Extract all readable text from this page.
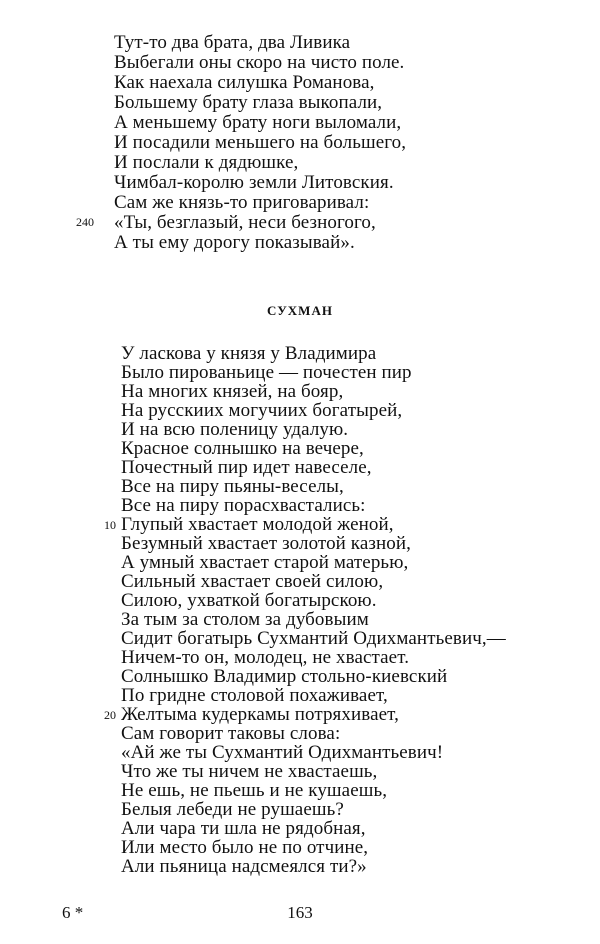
Тут-то два брата, два Ливика
Выбегали оны скоро на чисто поле.
Как наехала силушка Романова,
Большему брату глаза выкопали,
А меньшему брату ноги выломали,
И посадили меньшего на большего,
И послали к дядюшке,
Чимбал-королю земли Литовския.
Сам же князь-то приговаривал:
240 «Ты, безглазый, неси безногого,
А ты ему дорогу показывай».
СУХМАН
У ласкова у князя у Владимира
Было пированьице — почестен пир
На многих князей, на бояр,
На русскиих могучиих богатырей,
И на всю поленицу удалую.
Красное солнышко на вечере,
Почестный пир идет навеселе,
Все на пиру пьяны-веселы,
Все на пиру порасхвастались:
10 Глупый хвастает молодой женой,
Безумный хвастает золотой казной,
А умный хвастает старой матерью,
Сильный хвастает своей силою,
Силою, ухваткой богатырскою.
За тым за столом за дубовыим
Сидит богатырь Сухмантий Одихмантьевич,—
Ничем-то он, молодец, не хвастает.
Солнышко Владимир стольно-киевский
По гридне столовой похаживает,
20 Желтыма кудеркамы потряхивает,
Сам говорит таковы слова:
«Ай же ты Сухмантий Одихмантьевич!
Что же ты ничем не хвастаешь,
Не ешь, не пьешь и не кушаешь,
Белыя лебеди не рушаешь?
Али чара ти шла не рядобная,
Или место было не по отчине,
Али пьяница надсмеялся ти?»
6 *	163
